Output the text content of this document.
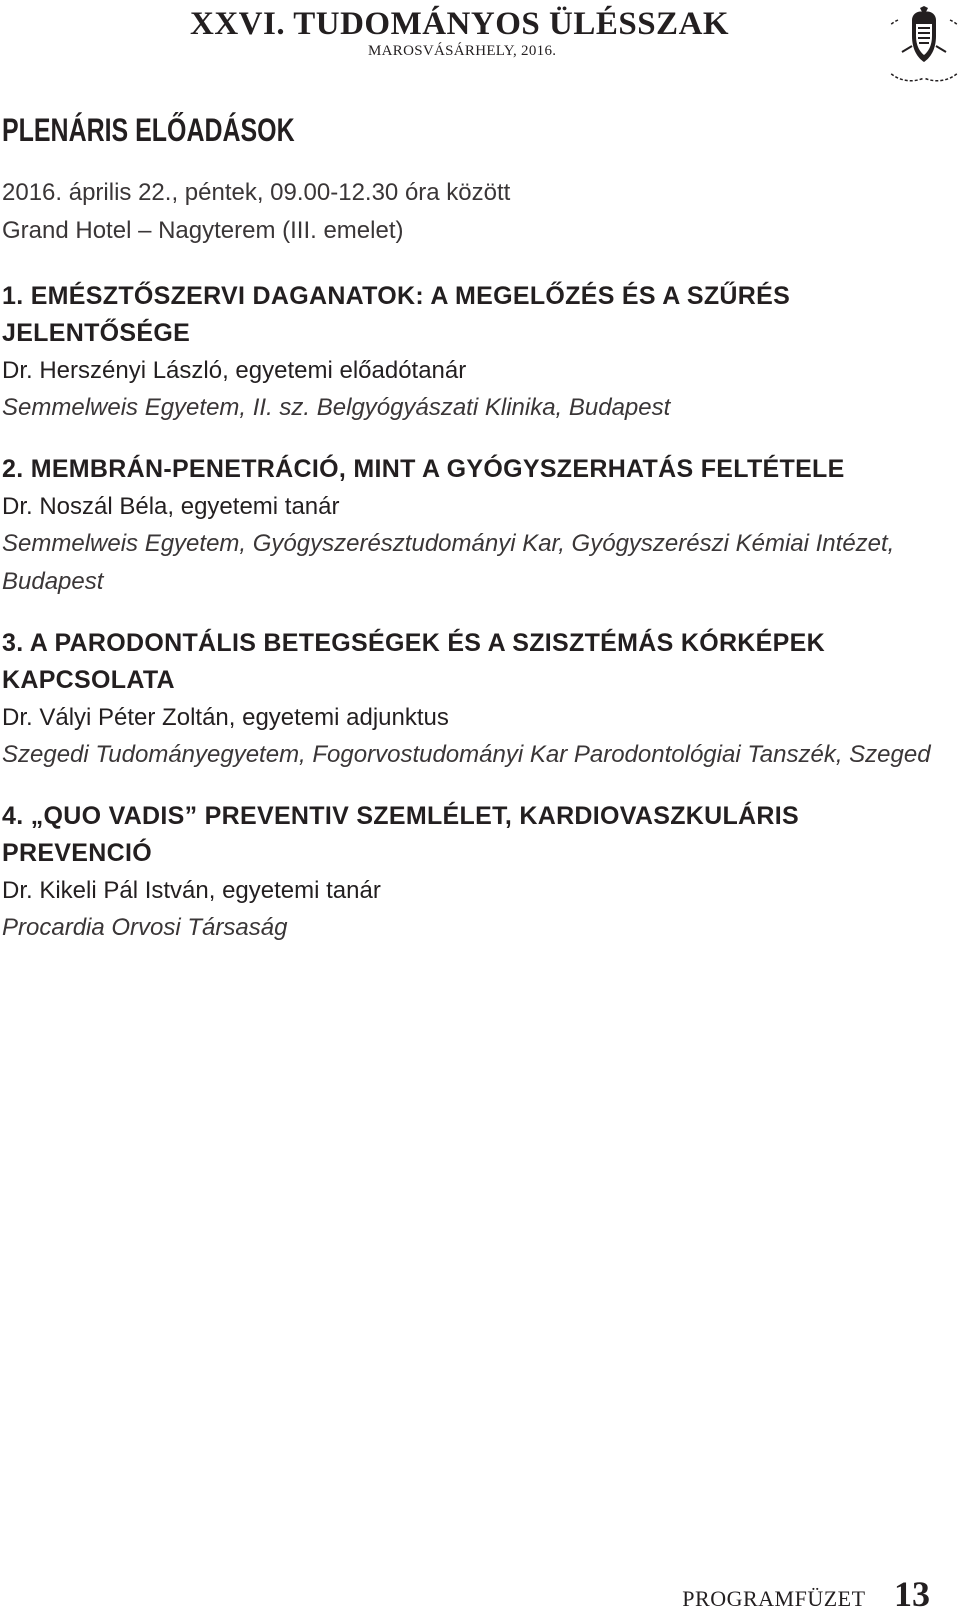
XXVI. TUDOMÁNYOS ÜLÉSSZAK
MAROSVÁSÁRHELY, 2016.
PLENÁRIS ELŐADÁSOK
2016. április 22., péntek, 09.00-12.30 óra között
Grand Hotel – Nagyterem (III. emelet)
1. EMÉSZTŐSZERVI DAGANATOK: A MEGELŐZÉS ÉS A SZŰRÉS JELENTŐSÉGE
Dr. Herszényi László, egyetemi előadótanár
Semmelweis Egyetem, II. sz. Belgyógyászati Klinika, Budapest
2. MEMBRÁN-PENETRÁCIÓ, MINT A GYÓGYSZERHATÁS FELTÉTELE
Dr. Noszál Béla, egyetemi tanár
Semmelweis Egyetem, Gyógyszerésztudományi Kar, Gyógyszerészi Kémiai Intézet, Budapest
3. A PARODONTÁLIS BETEGSÉGEK ÉS A SZISZTÉMÁS KÓRKÉPEK KAPCSOLATA
Dr. Vályi Péter Zoltán, egyetemi adjunktus
Szegedi Tudományegyetem, Fogorvostudományi Kar Parodontológiai Tanszék, Szeged
4. „QUO VADIS” PREVENTIV SZEMLÉLET, KARDIOVASZKULÁRIS PREVENCIÓ
Dr. Kikeli Pál István, egyetemi tanár
Procardia Orvosi Társaság
PROGRAMFÜZET 13
